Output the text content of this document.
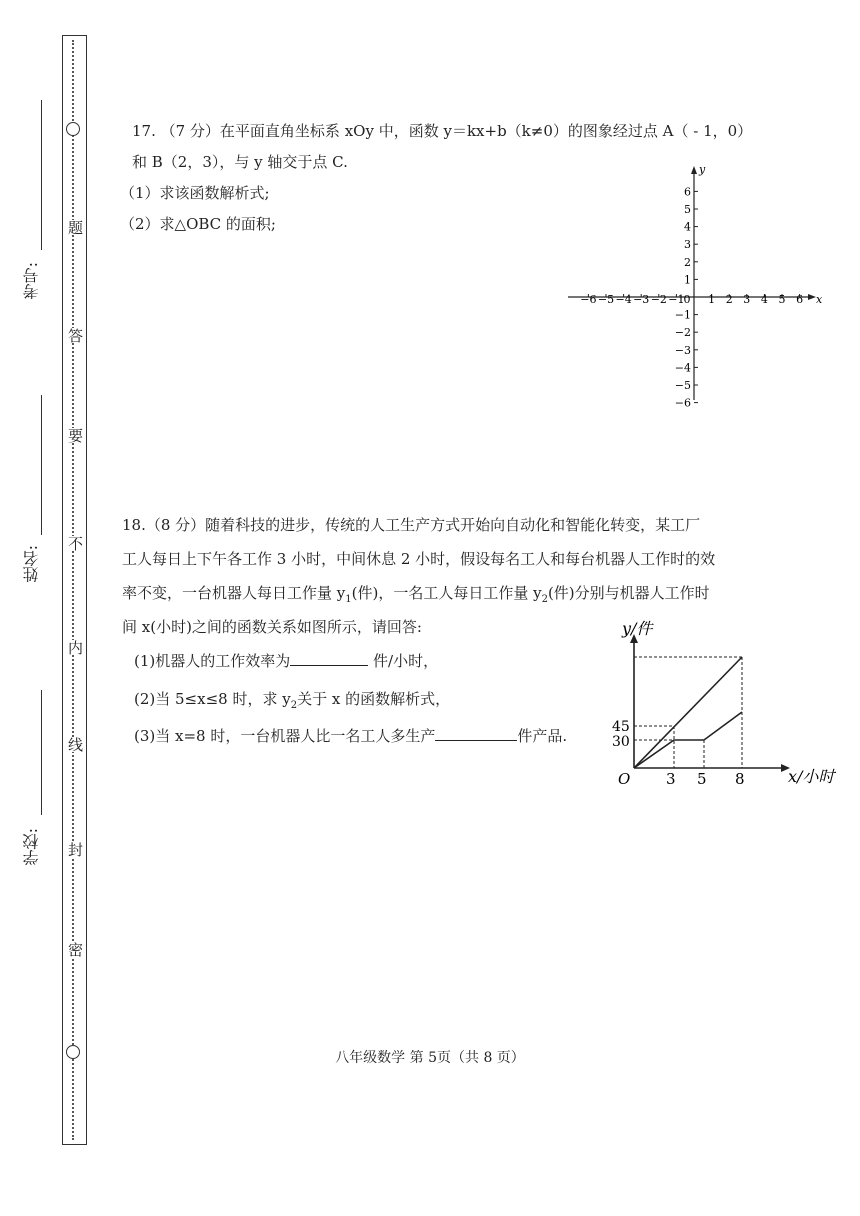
题
答
要
不
内
线
封
密
考号:
姓名:
学校:
17. （7 分）在平面直角坐标系 xOy 中，函数 y＝kx+b（k≠0）的图象经过点 A（ - 1，0）
和 B（2，3），与 y 轴交于点 C.
（1）求该函数解析式;
（2）求△OBC 的面积;
x
y
−6 −5 −4 −3 −2 −1
0 1 2 3 4 5 6
6
5
4
3
2
1
−1
−2
−3
−4
−5
−6
18.（8 分）随着科技的进步，传统的人工生产方式开始向自动化和智能化转变，某工厂
工人每日上下午各工作 3 小时，中间休息 2 小时，假设每名工人和每台机器人工作时的效
率不变，一台机器人每日工作量 $y_1$(件)，一名工人每日工作量 $y_2$(件)分别与机器人工作时
间 x(小时)之间的函数关系如图所示，请回答:
(1)机器人的工作效率为	件/小时，
(2)当 5≤x≤8 时，求 $y_2$关于 x 的函数解析式，
(3)当 x=8 时，一台机器人比一名工人多生产	件产品.
y/件
x/小时
O 3 5 8
45
30
八年级数学 第 5页（共 8 页）
